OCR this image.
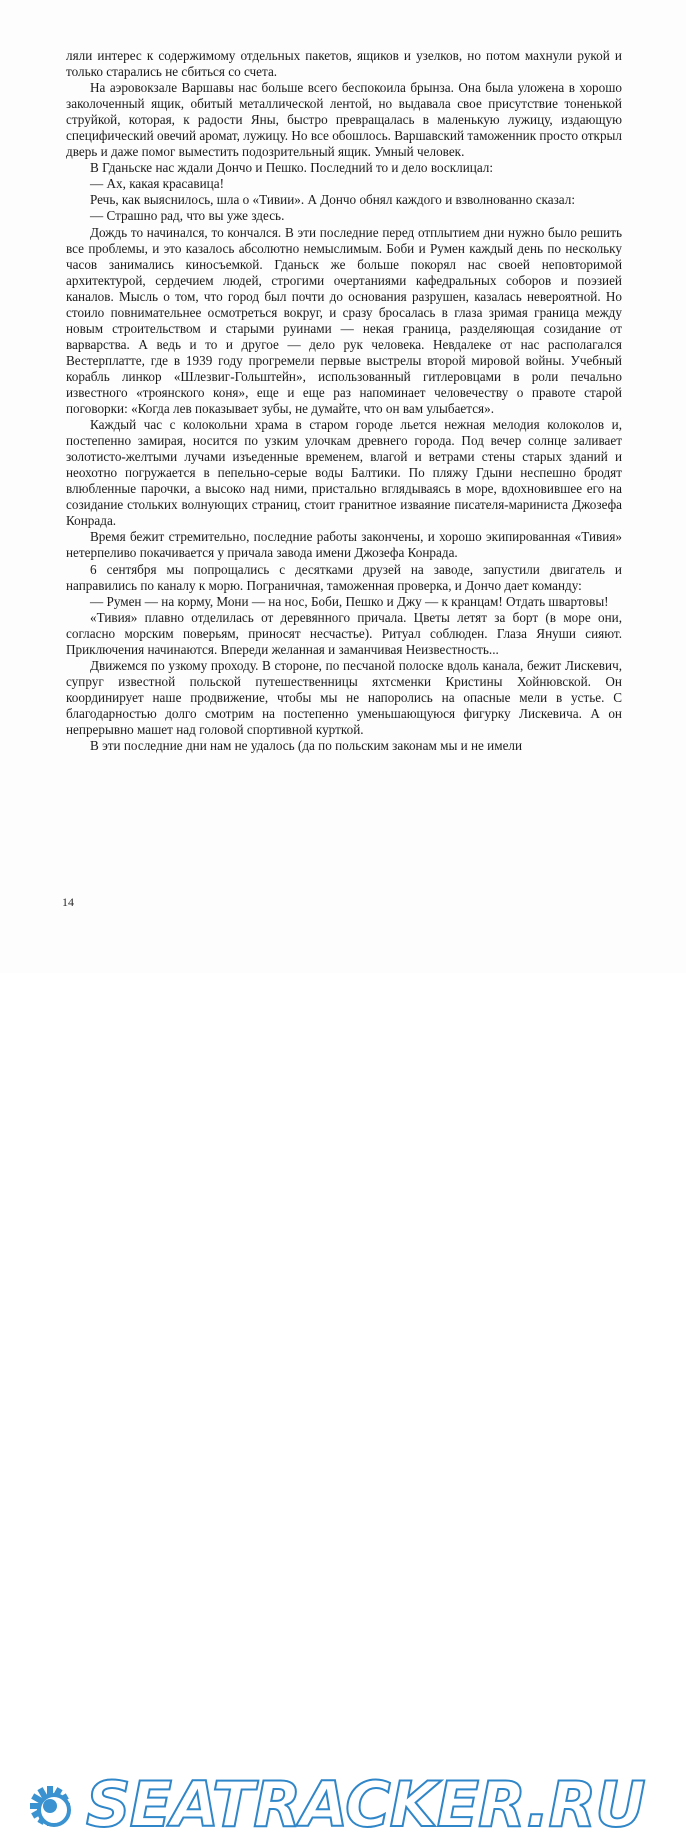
ляли интерес к содержимому отдельных пакетов, ящиков и узелков, но потом махнули рукой и только старались не сбиться со счета.

На аэровокзале Варшавы нас больше всего беспокоила брынза. Она была уложена в хорошо заколоченный ящик, обитый металлической лентой, но выдавала свое присутствие тоненькой струйкой, которая, к радости Яны, быстро превращалась в маленькую лужицу, издающую специфический овечий аромат, лужицу. Но все обошлось. Варшавский таможенник просто открыл дверь и даже помог выместить подозрительный ящик. Умный человек.

В Гданьске нас ждали Дончо и Пешко. Последний то и дело восклицал:

— Ах, какая красавица!

Речь, как выяснилось, шла о «Тивии». А Дончо обнял каждого и взволнованно сказал:

— Страшно рад, что вы уже здесь.

Дождь то начинался, то кончался. В эти последние перед отплытием дни нужно было решить все проблемы, и это казалось абсолютно немыслимым. Боби и Румен каждый день по нескольку часов занимались киносъемкой. Гданьск же больше покорял нас своей неповторимой архитектурой, сердечием людей, строгими очертаниями кафедральных соборов и поэзией каналов. Мысль о том, что город был почти до основания разрушен, казалась невероятной. Но стоило повнимательнее осмотреться вокруг, и сразу бросалась в глаза зримая граница между новым строительством и старыми руинами — некая граница, разделяющая созидание от варварства. А ведь и то и другое — дело рук человека. Невдалеке от нас располагался Вестерплатте, где в 1939 году прогремели первые выстрелы второй мировой войны. Учебный корабль линкор «Шлезвиг-Гольштейн», использованный гитлеровцами в роли печально известного «троянского коня», еще и еще раз напоминает человечеству о правоте старой поговорки: «Когда лев показывает зубы, не думайте, что он вам улыбается».

Каждый час с колокольни храма в старом городе льется нежная мелодия колоколов и, постепенно замирая, носится по узким улочкам древнего города. Под вечер солнце заливает золотисто-желтыми лучами изъеденные временем, влагой и ветрами стены старых зданий и неохотно погружается в пепельно-серые воды Балтики. По пляжу Гдыни неспешно бродят влюбленные парочки, а высоко над ними, пристально вглядываясь в море, вдохновившее его на созидание стольких волнующих страниц, стоит гранитное изваяние писателя-мариниста Джозефа Конрада.

Время бежит стремительно, последние работы закончены, и хорошо экипированная «Тивия» нетерпеливо покачивается у причала завода имени Джозефа Конрада.

6 сентября мы попрощались с десятками друзей на заводе, запустили двигатель и направились по каналу к морю. Пограничная, таможенная проверка, и Дончо дает команду:

— Румен — на корму, Мони — на нос, Боби, Пешко и Джу — к кранцам! Отдать швартовы!

«Тивия» плавно отделилась от деревянного причала. Цветы летят за борт (в море они, согласно морским поверьям, приносят несчастье). Ритуал соблюден. Глаза Януши сияют. Приключения начинаются. Впереди желанная и заманчивая Неизвестность...

Движемся по узкому проходу. В стороне, по песчаной полоске вдоль канала, бежит Лискевич, супруг известной польской путешественницы яхтсменки Кристины Хойнювской. Он координирует наше продвижение, чтобы мы не напоролись на опасные мели в устье. С благодарностью долго смотрим на постепенно уменьшающуюся фигурку Лискевича. А он непрерывно машет над головой спортивной курткой.

В эти последние дни нам не удалось (да по польским законам мы и не имели

14
SEATRACKER.RU
